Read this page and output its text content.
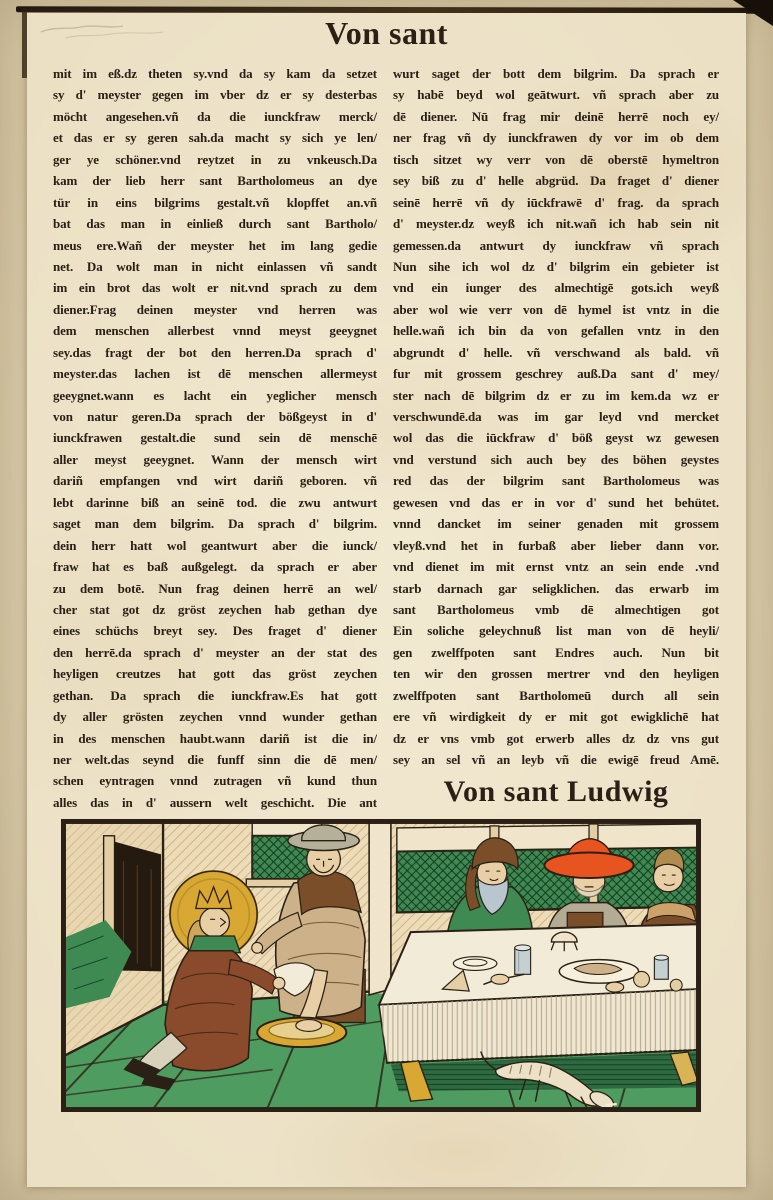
Von sant
mit im eß.dz theten sy.vnd da sy kam da setzet
sy d' meyster gegen im vber dz er sy desterbas
möcht angesehen.vñ da die iunckfraw merck/
et das er sy geren sah.da macht sy sich ye len/
ger ye schöner.vnd reytzet in zu vnkeusch.Da
kam der lieb herr sant Bartholomeus an dye
tür in eins bilgrims gestalt.vñ klopffet an.vñ
bat das man in einließ durch sant Bartholo/
meus ere.Wañ der meyster het im lang gedie
net. Da wolt man in nicht einlassen vñ sandt
im ein brot das wolt er nit.vnd sprach zu dem
diener.Frag deinen meyster vnd herren was
dem menschen allerbest vnnd meyst geeygnet
sey.das fragt der bot den herren.Da sprach d'
meyster.das lachen ist dē menschen allermeyst
geeygnet.wann es lacht ein yeglicher mensch
von natur geren.Da sprach der bößgeyst in d'
iunckfrawen gestalt.die sund sein dē menschē
aller meyst geeygnet. Wann der mensch wirt
dariñ empfangen vnd wirt dariñ geboren. vñ
lebt darinne biß an seinē tod. die zwu antwurt
saget man dem bilgrim. Da sprach d' bilgrim.
dein herr hatt wol geantwurt aber die iunck/
fraw hat es baß außgelegt. da sprach er aber
zu dem botē. Nun frag deinen herrē an wel/
cher stat got dz gröst zeychen hab gethan dye
eines schüchs breyt sey. Des fraget d' diener
den herrē.da sprach d' meyster an der stat des
heyligen creutzes hat gott das gröst zeychen
gethan. Da sprach die iunckfraw.Es hat gott
dy aller grösten zeychen vnnd wunder gethan
in des menschen haubt.wann dariñ ist die in/
ner welt.das seynd die funff sinn die dē men/
schen eyntragen vnnd zutragen vñ kund thun
alles das in d' aussern welt geschicht. Die ant
wurt saget der bott dem bilgrim. Da sprach er
sy habē beyd wol geātwurt. vñ sprach aber zu
dē diener. Nū frag mir deinē herrē noch ey/
ner frag vñ dy iunckfrawen dy vor im ob dem
tisch sitzet wy verr von dē oberstē hymeltron
sey biß zu d' helle abgrüd. Da fraget d' diener
seinē herrē vñ dy iūckfrawē d' frag. da sprach
d' meyster.dz weyß ich nit.wañ ich hab sein nit
gemessen.da antwurt dy iunckfraw vñ sprach
Nun sihe ich wol dz d' bilgrim ein gebieter ist
vnd ein iunger des almechtigē gots.ich weyß
aber wol wie verr von dē hymel ist vntz in die
helle.wañ ich bin da von gefallen vntz in den
abgrundt d' helle. vñ verschwand als bald. vñ
fur mit grossem geschrey auß.Da sant d' mey/
ster nach dē bilgrim dz er zu im kem.da wz er
verschwundē.da was im gar leyd vnd mercket
wol das die iūckfraw d' böß geyst wz gewesen
vnd verstund sich auch bey des böhen geystes
red das der bilgrim sant Bartholomeus was
gewesen vnd das er in vor d' sund het behütet.
vnnd dancket im seiner genaden mit grossem
vleyß.vnd het in furbaß aber lieber dann vor.
vnd dienet im mit ernst vntz an sein ende .vnd
starb darnach gar seligklichen. das erwarb im
sant Bartholomeus vmb dē almechtigen got
Ein soliche geleychnuß list man von dē heyli/
gen zwelffpoten sant Endres auch. Nun bit
ten wir den grossen mertrer vnd den heyligen
zwelffpoten sant Bartholomeū durch all sein
ere vñ wirdigkeit dy er mit got ewigklichē hat
dz er vns vmb got erwerb alles dz dz vns gut
sey an sel vñ an leyb vñ die ewigē freud Amē.
Von sant Ludwig
